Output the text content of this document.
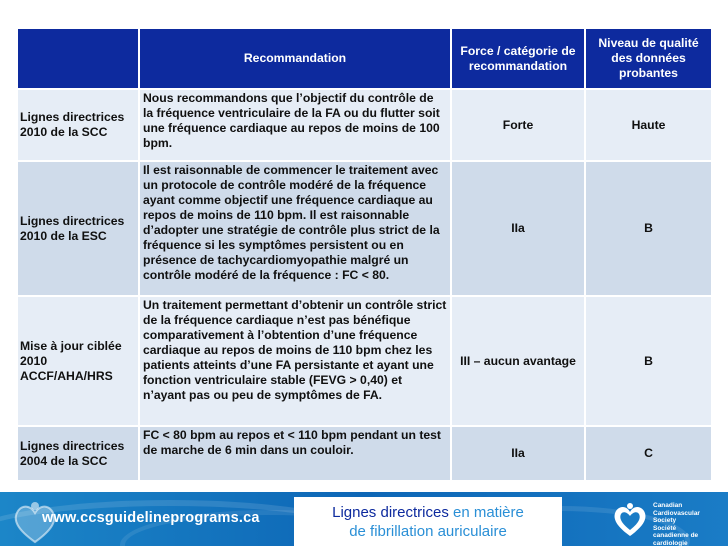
	Recommandation	Force / catégorie de recommandation	Niveau de qualité des données probantes
Lignes directrices 2010 de la SCC	Nous recommandons que l’objectif du contrôle de la fréquence ventriculaire de la FA ou du flutter soit une fréquence cardiaque au repos de moins de 100 bpm.	Forte	Haute
Lignes directrices 2010 de la ESC	Il est raisonnable de commencer le traitement avec un protocole de contrôle modéré de la fréquence ayant comme objectif une fréquence cardiaque au repos de moins de 110 bpm. Il est raisonnable d’adopter une stratégie de contrôle plus strict de la fréquence si les symptômes persistent ou en présence de tachycardiomyopathie malgré un contrôle modéré de la fréquence : FC < 80.	IIa	B
Mise à jour ciblée 2010 ACCF/AHA/HRS	Un traitement permettant d’obtenir un contrôle strict de la fréquence cardiaque n’est pas bénéfique comparativement à l’obtention d’une fréquence cardiaque au repos de moins de 110 bpm chez les patients atteints d’une FA persistante et ayant une fonction ventriculaire stable (FEVG > 0,40) et n’ayant pas ou peu de symptômes de FA.	III – aucun avantage	B
Lignes directrices 2004 de la SCC	FC < 80 bpm au repos et < 110 bpm pendant un test de marche de 6 min dans un couloir.	IIa	C
www.ccsguidelineprograms.ca	Lignes directrices en matière
de fibrillation auriculaire
Canadian
Cardiovascular
Society
Société
canadienne de
cardiologie
